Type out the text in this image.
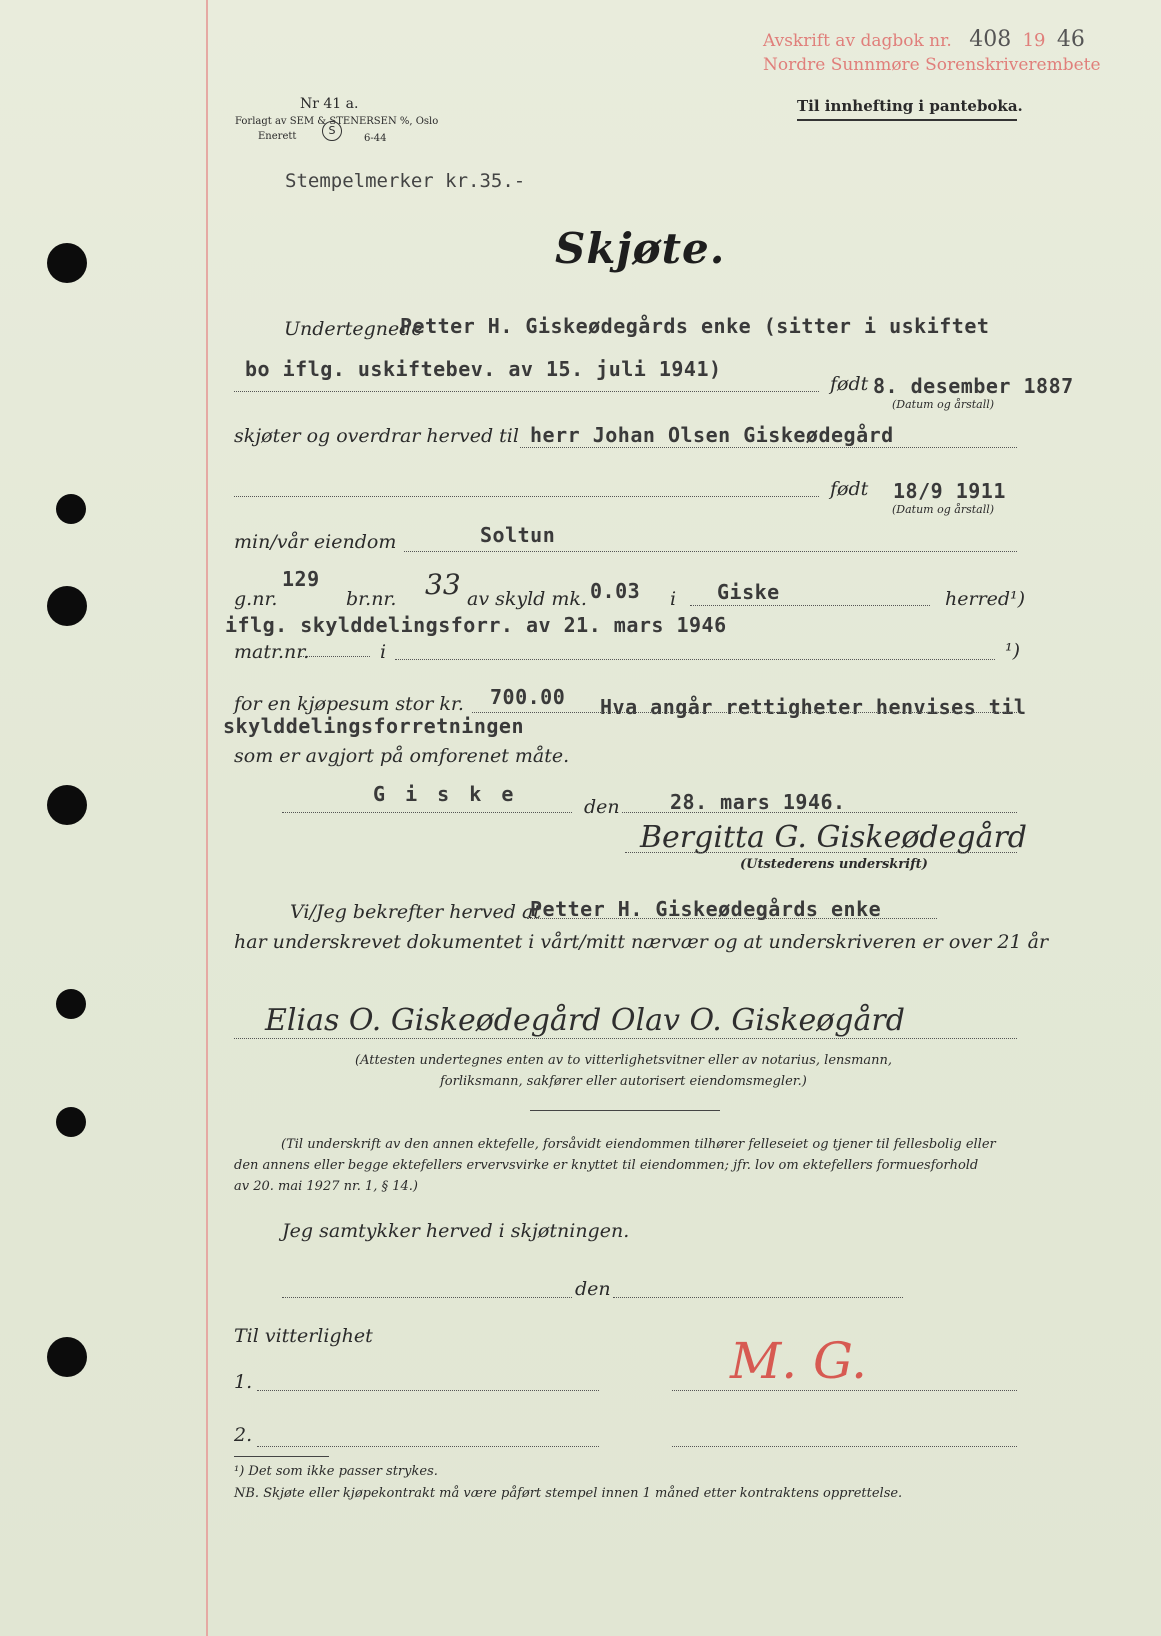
Avskrift av dagbok nr. 408 19 46
Nordre Sunnmøre Sorenskriverembete
Nr 41 a.
Forlagt av SEM & STENERSEN %, Oslo
Enerett	S
6-44
Til innhefting i panteboka.
Stempelmerker kr.35.-
Skjøte.
Undertegnede
Petter H. Giskeødegårds enke (sitter i uskiftet
bo iflg. uskiftebev. av 15. juli 1941)
født 8. desember 1887
(Datum og årstall)
skjøter og overdrar herved til herr Johan Olsen Giskeødegård
født 18/9 1911
(Datum og årstall)
min/vår eiendom	Soltun
g.nr.
129
br.nr. 33 av skyld mk. 0.03 i Giske	herred¹)
iflg. skylddelingsforr. av 21. mars 1946
matr.nr.	i	¹)
for en kjøpesum stor kr. 700.00 Hva angår rettigheter henvises til
skylddelingsforretningen
som er avgjort på omforenet måte.
G i s k e
den	28. mars 1946.
Bergitta G. Giskeødegård
(Utstederens underskrift)
Vi/Jeg bekrefter herved at
Petter H. Giskeødegårds enke
har underskrevet dokumentet i vårt/mitt nærvær og at underskriveren er over 21 år
Elias O. Giskeødegård Olav O. Giskeøgård
(Attesten undertegnes enten av to vitterlighetsvitner eller av notarius, lensmann,
forliksmann, sakfører eller autorisert eiendomsmegler.)
(Til underskrift av den annen ektefelle, forsåvidt eiendommen tilhører felleseiet og tjener til fellesbolig eller
den annens eller begge ektefellers ervervsvirke er knyttet til eiendommen; jfr. lov om ektefellers formuesforhold
av 20. mai 1927 nr. 1, § 14.)
Jeg samtykker herved i skjøtningen.
den
Til vitterlighet
1.	M. G.
2.
¹) Det som ikke passer strykes.
NB. Skjøte eller kjøpekontrakt må være påført stempel innen 1 måned etter kontraktens opprettelse.
